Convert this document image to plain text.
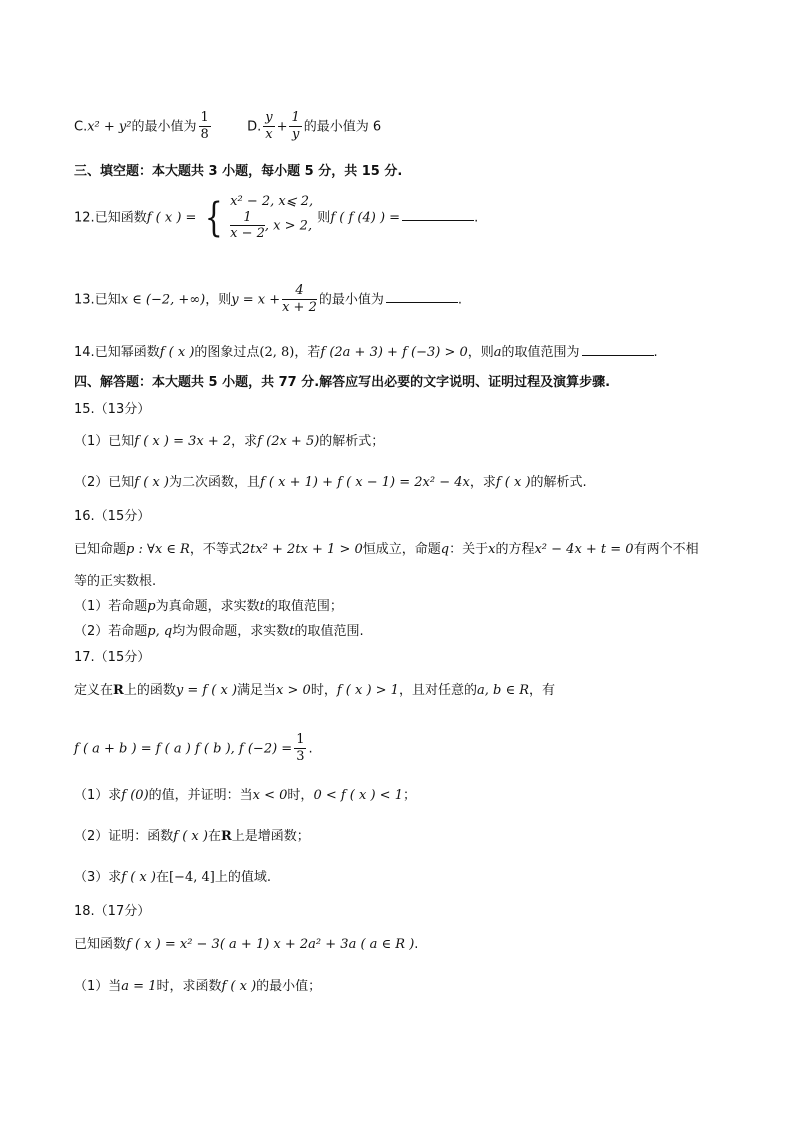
C.x² + y²的最小值为 $\frac{1}{8}$	D. $\frac{y}{x} + \frac{1}{y}$ 的最小值为 6
三、填空题：本大题共 3 小题，每小题 5 分，共 15 分.
12.已知函数f ( x ) = { x² − 2, x⩽ 2,
$\frac{1}{x - 2}$ , x > 2,
则f ( f (4) ) =	.
13.已知x ∈ (−2, +∞)，则$y = x + \frac{4}{x + 2}$ 的最小值为	.
14.已知幂函数f ( x )的图象过点(2, 8)，若f (2a + 3) + f (−3) > 0，则a的取值范围为	.
四、解答题：本大题共 5 小题，共 77 分.解答应写出必要的文字说明、证明过程及演算步骤.
15.（13分）
（1）已知f ( x ) = 3x + 2，求f (2x + 5)的解析式；
（2）已知f ( x )为二次函数，且f ( x + 1) + f ( x − 1) = 2x² − 4x，求f ( x )的解析式.
16.（15分）
已知命题p : ∀x ∈ R，不等式2tx² + 2tx + 1 > 0恒成立，命题q：关于x的方程x² − 4x + t = 0有两个不相
等的正实数根.
（1）若命题p为真命题，求实数t的取值范围；
（2）若命题p, q均为假命题，求实数t的取值范围.
17.（15分）
定义在R上的函数y = f ( x )满足当x > 0时，f ( x ) > 1，且对任意的a, b ∈ R，有
f ( a + b ) = f ( a ) f ( b ), f $(-2) = \frac{1}{3}$ .
（1）求f (0)的值，并证明：当x < 0时，0 < f ( x ) < 1；
（2）证明：函数f ( x )在R上是增函数；
（3）求f ( x )在[−4, 4]上的值域.
18.（17分）
已知函数f ( x ) = x² − 3( a + 1) x + 2a² + 3a ( a ∈ R ).
（1）当a = 1时，求函数f ( x )的最小值；
